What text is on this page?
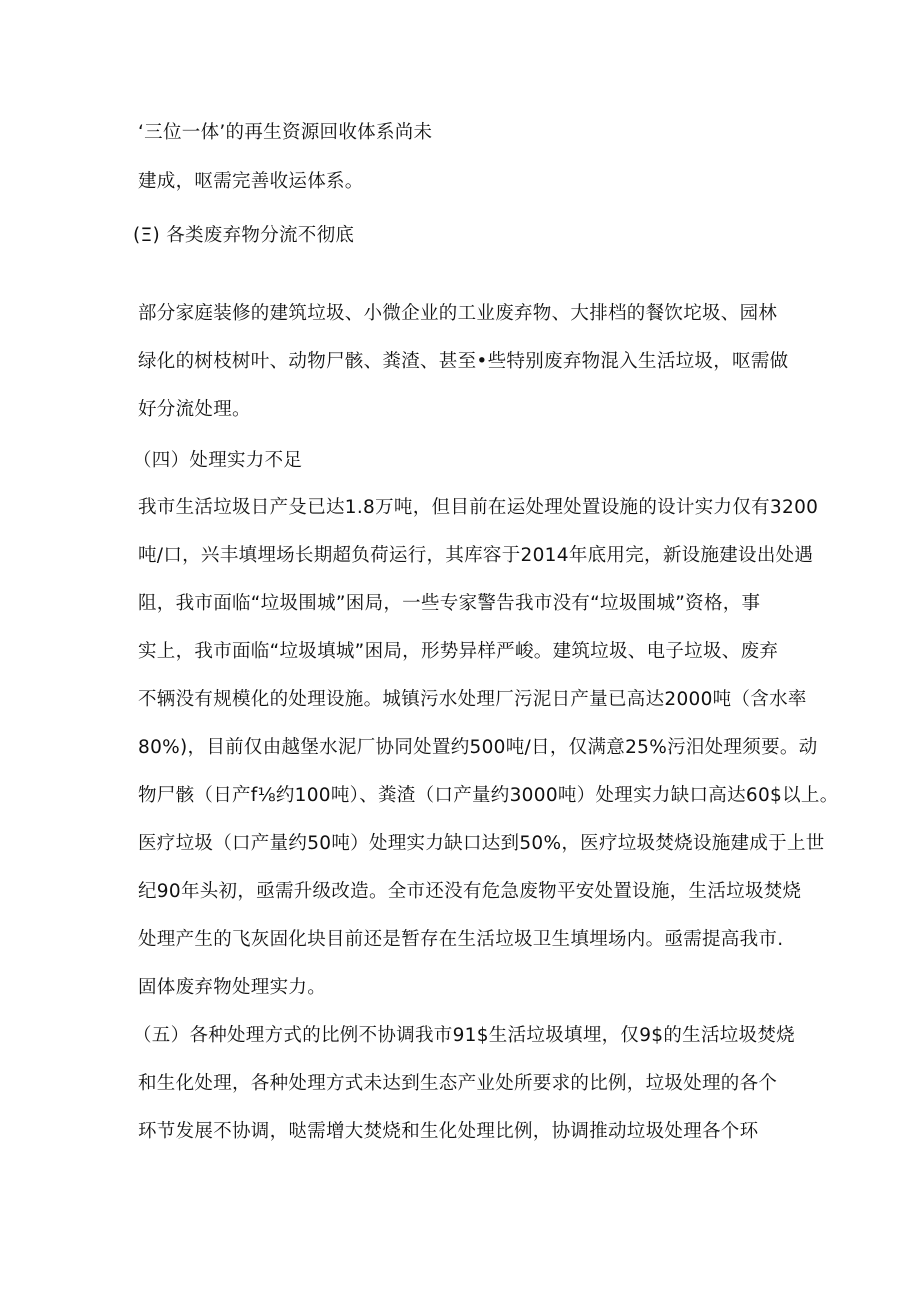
‘三位一体’的再生资源回收体系尚未
建成，呕需完善收运体系。
(Ξ) 各类废弃物分流不彻底
部分家庭装修的建筑垃圾、小微企业的工业废弃物、大排档的餐饮坨圾、园林
绿化的树枝树叶、动物尸骸、粪渣、甚至•些特别废弃物混入生活垃圾，呕需做
好分流处理。
（四）处理实力不足
我市生活垃圾日产殳已达1.8万吨，但目前在运处理处置设施的设计实力仅有3200
吨/口，兴丰填埋场长期超负荷运行，其库容于2014年底用完，新设施建设出处遇
阻，我市面临“垃圾围城”困局，一些专家警告我市没有“垃圾围城”资格，事
实上，我市面临“垃圾填城”困局，形势异样严峻。建筑垃圾、电子垃圾、废弃
不辆没有规模化的处理设施。城镇污水处理厂污泥日产量已高达2000吨（含水率
80%)，目前仅由越堡水泥厂协同处置约500吨/日，仅满意25%污汨处理须要。动
物尸骸（日产f⅛约100吨）、粪渣（口产量约3000吨）处理实力缺口高达60$以上。
医疗垃圾（口产量约50吨）处理实力缺口达到50%，医疗垃圾焚烧设施建成于上世
纪90年头初，亟需升级改造。全市还没有危急废物平安处置设施，生活垃圾焚烧
处理产生的飞灰固化块目前还是暂存在生活垃圾卫生填埋场内。亟需提高我市.
固体废弃物处理实力。
（五）各种处理方式的比例不协调我市91$生活垃圾填埋，仅9$的生活垃圾焚烧
和生化处理，各种处理方式未达到生态产业处所要求的比例，垃圾处理的各个
环节发展不协调，哒需增大焚烧和生化处理比例，协调推动垃圾处理各个环
